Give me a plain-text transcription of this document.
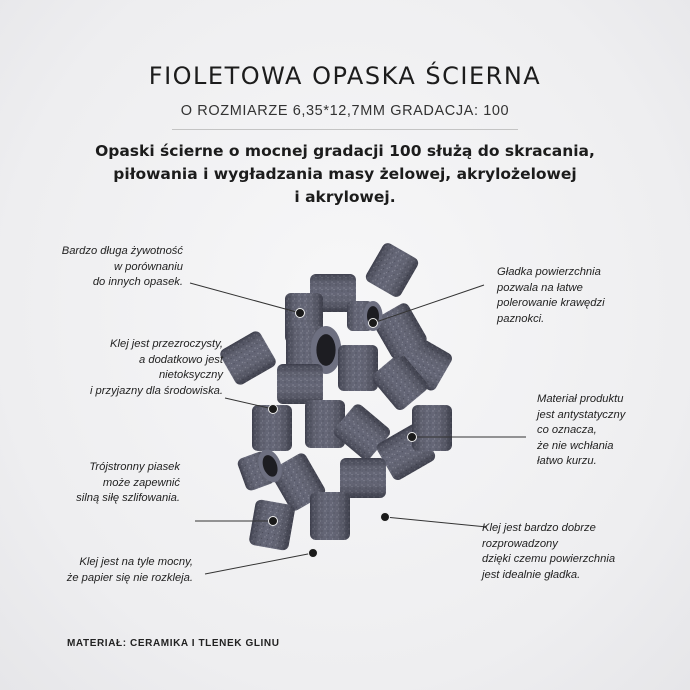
FIOLETOWA OPASKA ŚCIERNA
O ROZMIARZE 6,35*12,7MM GRADACJA: 100
Opaski ścierne o mocnej gradacji 100 służą do skracania,
piłowania i wygładzania masy żelowej, akrylożelowej
i akrylowej.
Bardzo długa żywotność
w porównaniu
do innych opasek.
Klej jest przezroczysty,
a dodatkowo jest
nietoksyczny
i przyjazny dla środowiska.
Trójstronny piasek
może zapewnić
silną siłę szlifowania.
Klej jest na tyle mocny,
że papier się nie rozkleja.
Gładka powierzchnia
pozwala na łatwe
polerowanie krawędzi
paznokci.
Materiał produktu
jest antystatyczny
co oznacza,
że nie wchłania
łatwo kurzu.
Klej jest bardzo dobrze
rozprowadzony
dzięki czemu powierzchnia
jest idealnie gładka.
MATERIAŁ: CERAMIKA I TLENEK GLINU
